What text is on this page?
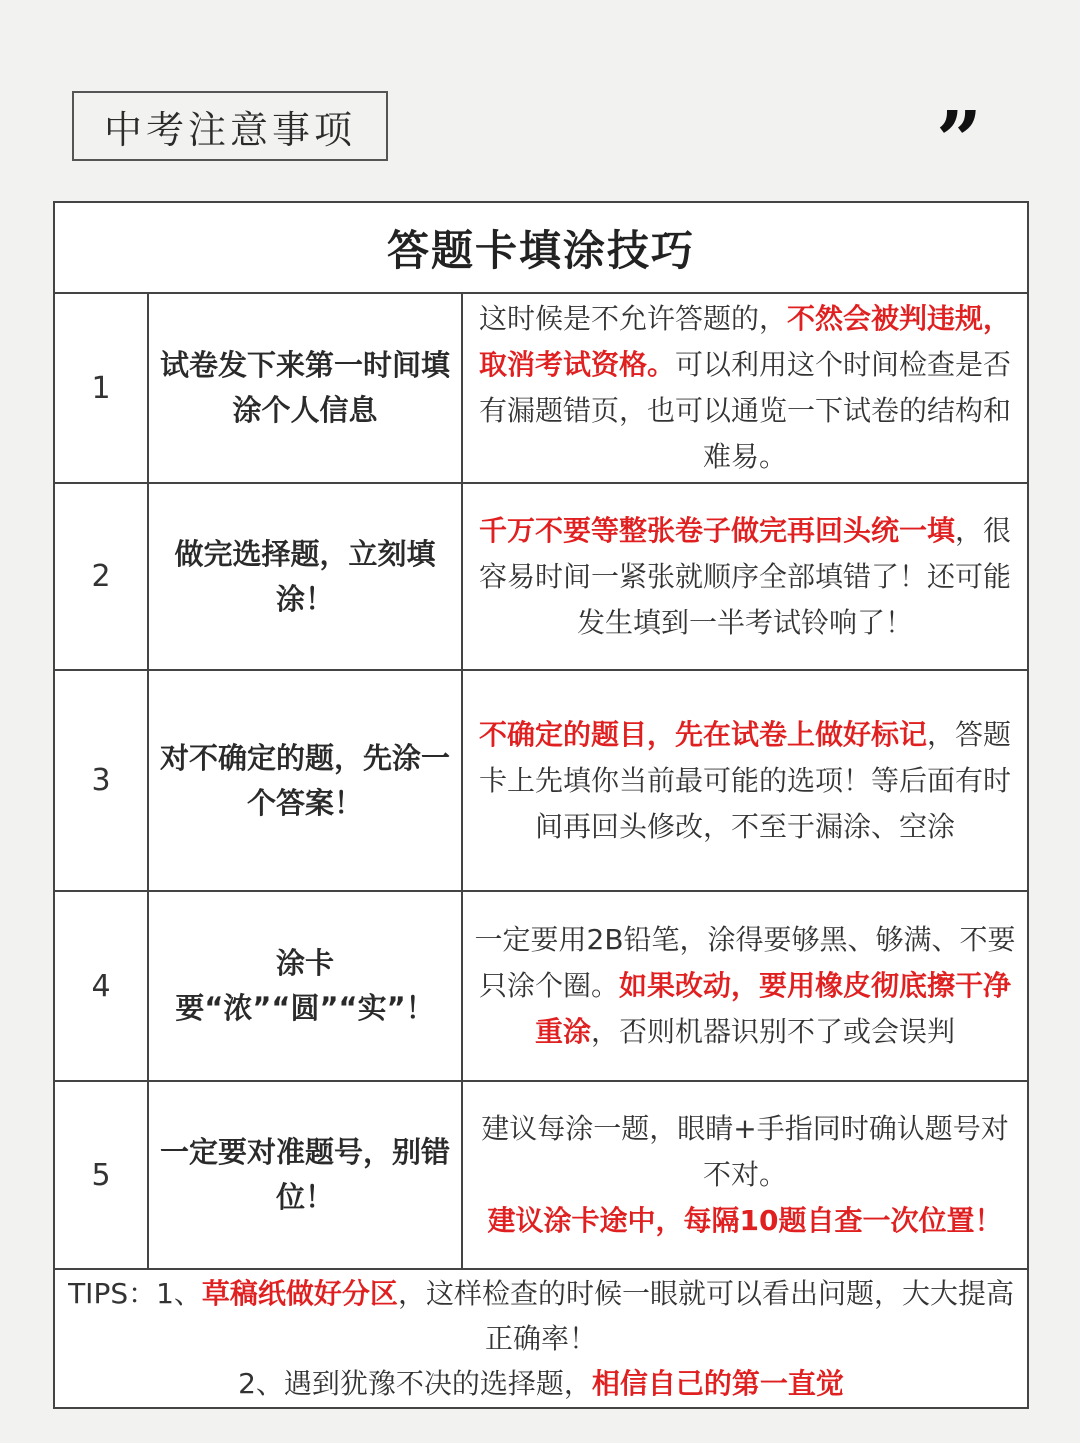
中考注意事项	”
答题卡填涂技巧		
1	试卷发下来第一时间填涂个人信息	这时候是不允许答题的，不然会被判违规，取消考试资格。可以利用这个时间检查是否有漏题错页，也可以通览一下试卷的结构和难易。
2	做完选择题，立刻填涂！	千万不要等整张卷子做完再回头统一填，很容易时间一紧张就顺序全部填错了！还可能发生填到一半考试铃响了！
3	对不确定的题，先涂一个答案！	不确定的题目，先在试卷上做好标记，答题卡上先填你当前最可能的选项！等后面有时间再回头修改，不至于漏涂、空涂
4	涂卡要“浓”“圆”“实”！	一定要用2B铅笔，涂得要够黑、够满、不要只涂个圈。如果改动，要用橡皮彻底擦干净重涂，否则机器识别不了或会误判
5	一定要对准题号，别错位！	建议每涂一题，眼睛+手指同时确认题号对不对。
建议涂卡途中，每隔10题自查一次位置！
TIPS：1、草稿纸做好分区，这样检查的时候一眼就可以看出问题，大大提高正确率！
2、遇到犹豫不决的选择题，相信自己的第一直觉		
